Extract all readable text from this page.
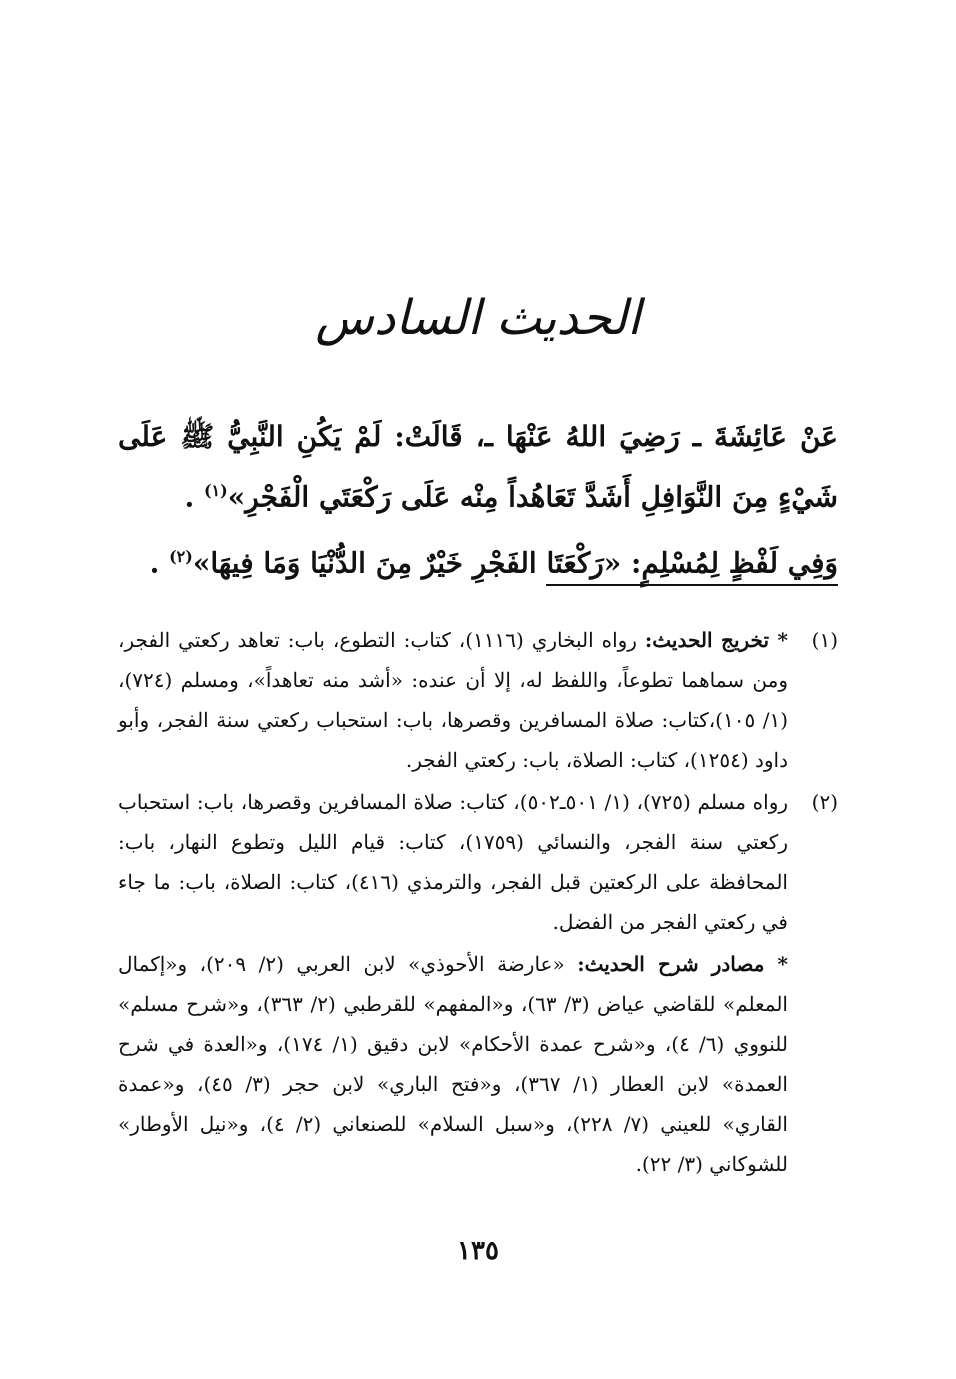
الحديث السادس

عَنْ عَائِشَةَ ـ رَضِيَ اللهُ عَنْهَا ـ، قَالَتْ: لَمْ يَكُنِ النَّبِيُّ ﷺ عَلَى شَيْءٍ مِنَ النَّوَافِلِ أَشَدَّ تَعَاهُداً مِنْه عَلَى رَكْعَتَي الْفَجْرِ»$^{(١)}$ .

وَفِي لَفْظٍ لِمُسْلِمٍ: «رَكْعَتَا الفَجْرِ خَيْرٌ مِنَ الدُّنْيَا وَمَا فِيهَا»$^{(٢)}$ .

(١)
* تخريج الحديث: رواه البخاري (١١١٦)، كتاب: التطوع، باب: تعاهد ركعتي الفجر، ومن سماهما تطوعاً، واللفظ له، إلا أن عنده: «أشد منه تعاهداً»، ومسلم (٧٢٤)، (١/ ١٠٥)،كتاب: صلاة المسافرين وقصرها، باب: استحباب ركعتي سنة الفجر، وأبو داود (١٢٥٤)، كتاب: الصلاة، باب: ركعتي الفجر.
(٢)
رواه مسلم (٧٢٥)، (١/ ٥٠١ـ٥٠٢)، كتاب: صلاة المسافرين وقصرها، باب: استحباب ركعتي سنة الفجر، والنسائي (١٧٥٩)، كتاب: قيام الليل وتطوع النهار، باب: المحافظة على الركعتين قبل الفجر، والترمذي (٤١٦)، كتاب: الصلاة، باب: ما جاء في ركعتي الفجر من الفضل.
* مصادر شرح الحديث: «عارضة الأحوذي» لابن العربي (٢/ ٢٠٩)، و«إكمال المعلم» للقاضي عياض (٣/ ٦٣)، و«المفهم» للقرطبي (٢/ ٣٦٣)، و«شرح مسلم» للنووي (٦/ ٤)، و«شرح عمدة الأحكام» لابن دقيق (١/ ١٧٤)، و«العدة في شرح العمدة» لابن العطار (١/ ٣٦٧)، و«فتح الباري» لابن حجر (٣/ ٤٥)، و«عمدة القاري» للعيني (٧/ ٢٢٨)، و«سبل السلام» للصنعاني (٢/ ٤)، و«نيل الأوطار» للشوكاني (٣/ ٢٢).
١٣٥
